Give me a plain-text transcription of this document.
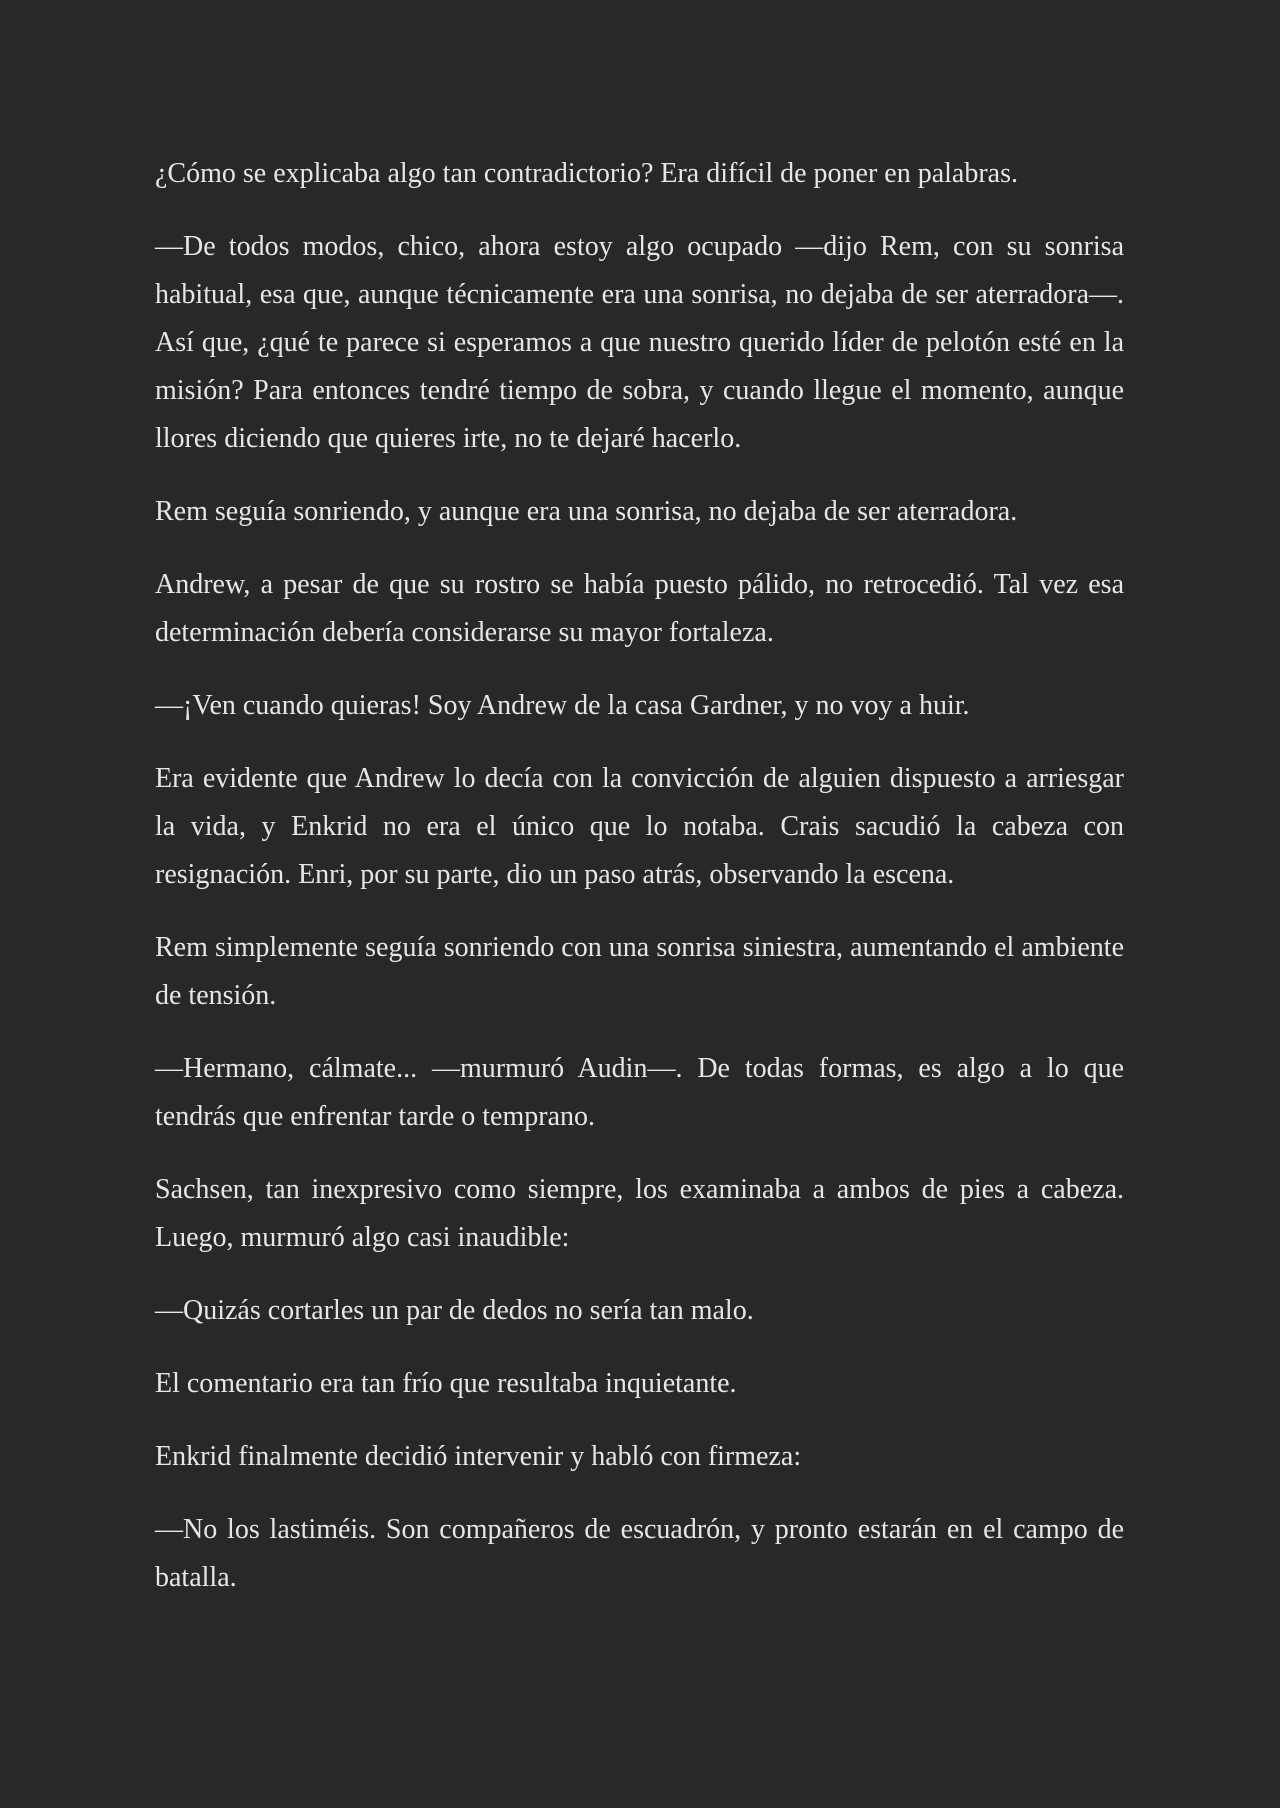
¿Cómo se explicaba algo tan contradictorio? Era difícil de poner en palabras.

—De todos modos, chico, ahora estoy algo ocupado —dijo Rem, con su sonrisa habitual, esa que, aunque técnicamente era una sonrisa, no dejaba de ser aterradora—. Así que, ¿qué te parece si esperamos a que nuestro querido líder de pelotón esté en la misión? Para entonces tendré tiempo de sobra, y cuando llegue el momento, aunque llores diciendo que quieres irte, no te dejaré hacerlo.

Rem seguía sonriendo, y aunque era una sonrisa, no dejaba de ser aterradora.

Andrew, a pesar de que su rostro se había puesto pálido, no retrocedió. Tal vez esa determinación debería considerarse su mayor fortaleza.

—¡Ven cuando quieras! Soy Andrew de la casa Gardner, y no voy a huir.

Era evidente que Andrew lo decía con la convicción de alguien dispuesto a arriesgar la vida, y Enkrid no era el único que lo notaba. Crais sacudió la cabeza con resignación. Enri, por su parte, dio un paso atrás, observando la escena.

Rem simplemente seguía sonriendo con una sonrisa siniestra, aumentando el ambiente de tensión.

—Hermano, cálmate... —murmuró Audin—. De todas formas, es algo a lo que tendrás que enfrentar tarde o temprano.

Sachsen, tan inexpresivo como siempre, los examinaba a ambos de pies a cabeza. Luego, murmuró algo casi inaudible:

—Quizás cortarles un par de dedos no sería tan malo.

El comentario era tan frío que resultaba inquietante.

Enkrid finalmente decidió intervenir y habló con firmeza:

—No los lastiméis. Son compañeros de escuadrón, y pronto estarán en el campo de batalla.
